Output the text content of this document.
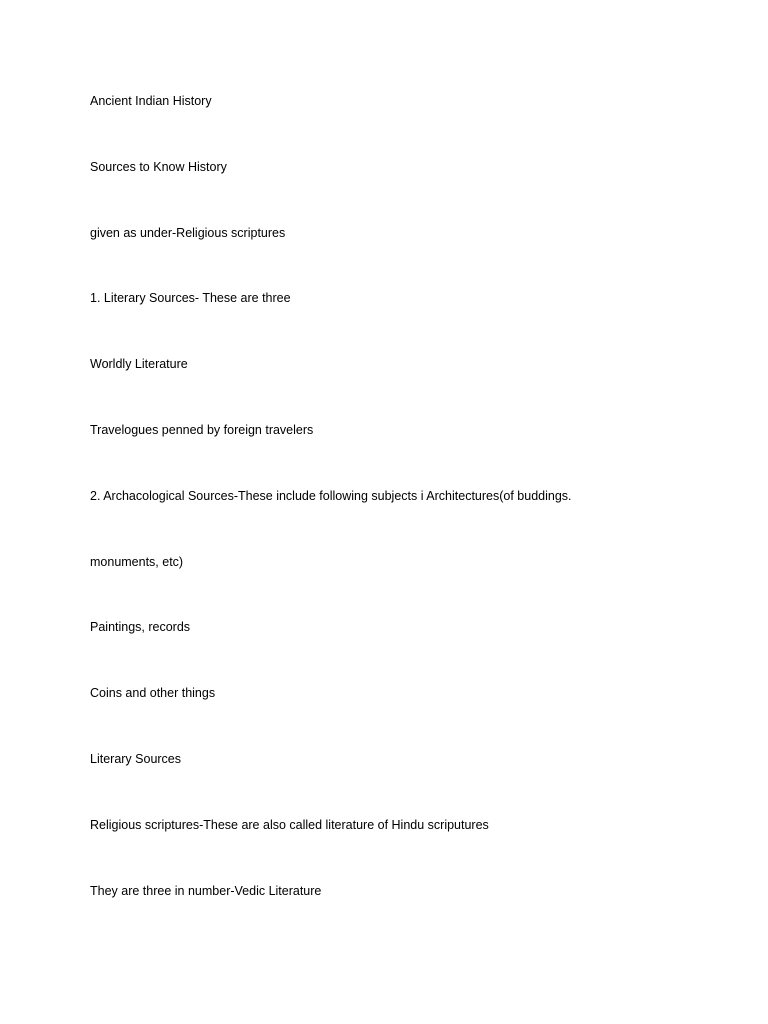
Ancient Indian History

Sources to Know History

given as under-Religious scriptures

1. Literary Sources- These are three

Worldly Literature

Travelogues penned by foreign travelers

2. Archacological Sources-These include following subjects i Architectures(of buddings.

monuments, etc)

Paintings, records

Coins and other things

Literary Sources

Religious scriptures-These are also called literature of Hindu scriputures

They are three in number-Vedic Literature
